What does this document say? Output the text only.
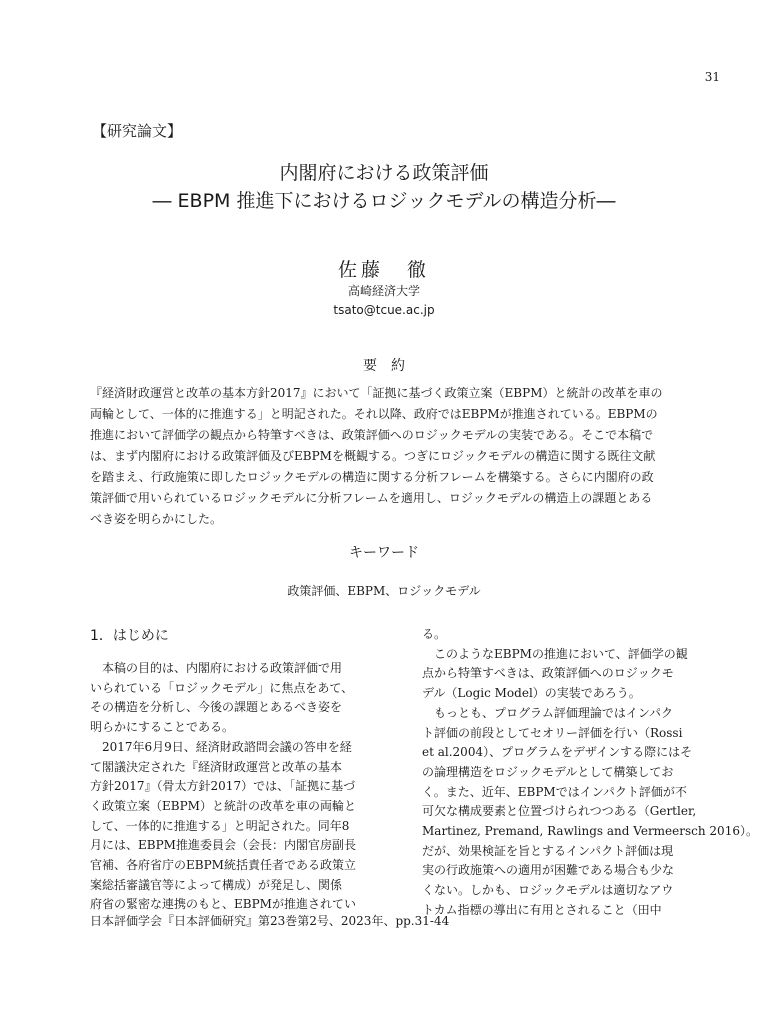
31
【研究論文】
内閣府における政策評価
― EBPM 推進下におけるロジックモデルの構造分析―
佐藤　徹
高崎経済大学
tsato@tcue.ac.jp
要　約

『経済財政運営と改革の基本方針2017』において「証拠に基づく政策立案（EBPM）と統計の改革を車の
両輪として、一体的に推進する」と明記された。それ以降、政府ではEBPMが推進されている。EBPMの
推進において評価学の観点から特筆すべきは、政策評価へのロジックモデルの実装である。そこで本稿で
は、まず内閣府における政策評価及びEBPMを概観する。つぎにロジックモデルの構造に関する既往文献
を踏まえ、行政施策に即したロジックモデルの構造に関する分析フレームを構築する。さらに内閣府の政
策評価で用いられているロジックモデルに分析フレームを適用し、ロジックモデルの構造上の課題とある
べき姿を明らかにした。

キーワード
政策評価、EBPM、ロジックモデル
1．はじめに

　本稿の目的は、内閣府における政策評価で用
いられている「ロジックモデル」に焦点をあて、
その構造を分析し、今後の課題とあるべき姿を
明らかにすることである。
　2017年6月9日、経済財政諮問会議の答申を経
て閣議決定された『経済財政運営と改革の基本
方針2017』（骨太方針2017）では、「証拠に基づ
く政策立案（EBPM）と統計の改革を車の両輪と
して、一体的に推進する」と明記された。同年8
月には、EBPM推進委員会（会長：内閣官房副長
官補、各府省庁のEBPM統括責任者である政策立
案総括審議官等によって構成）が発足し、関係
府省の緊密な連携のもと、EBPMが推進されてい

る。
　このようなEBPMの推進において、評価学の観
点から特筆すべきは、政策評価へのロジックモ
デル（Logic Model）の実装であろう。
　もっとも、プログラム評価理論ではインパク
ト評価の前段としてセオリー評価を行い（Rossi
et al.2004）、プログラムをデザインする際にはそ
の論理構造をロジックモデルとして構築してお
く。また、近年、EBPMではインパクト評価が不
可欠な構成要素と位置づけられつつある（Gertler,
Martinez, Premand, Rawlings and Vermeersch 2016）。
だが、効果検証を旨とするインパクト評価は現
実の行政施策への適用が困難である場合も少な
くない。しかも、ロジックモデルは適切なアウ
トカム指標の導出に有用とされること（田中

日本評価学会『日本評価研究』第23巻第2号、2023年、pp.31-44
